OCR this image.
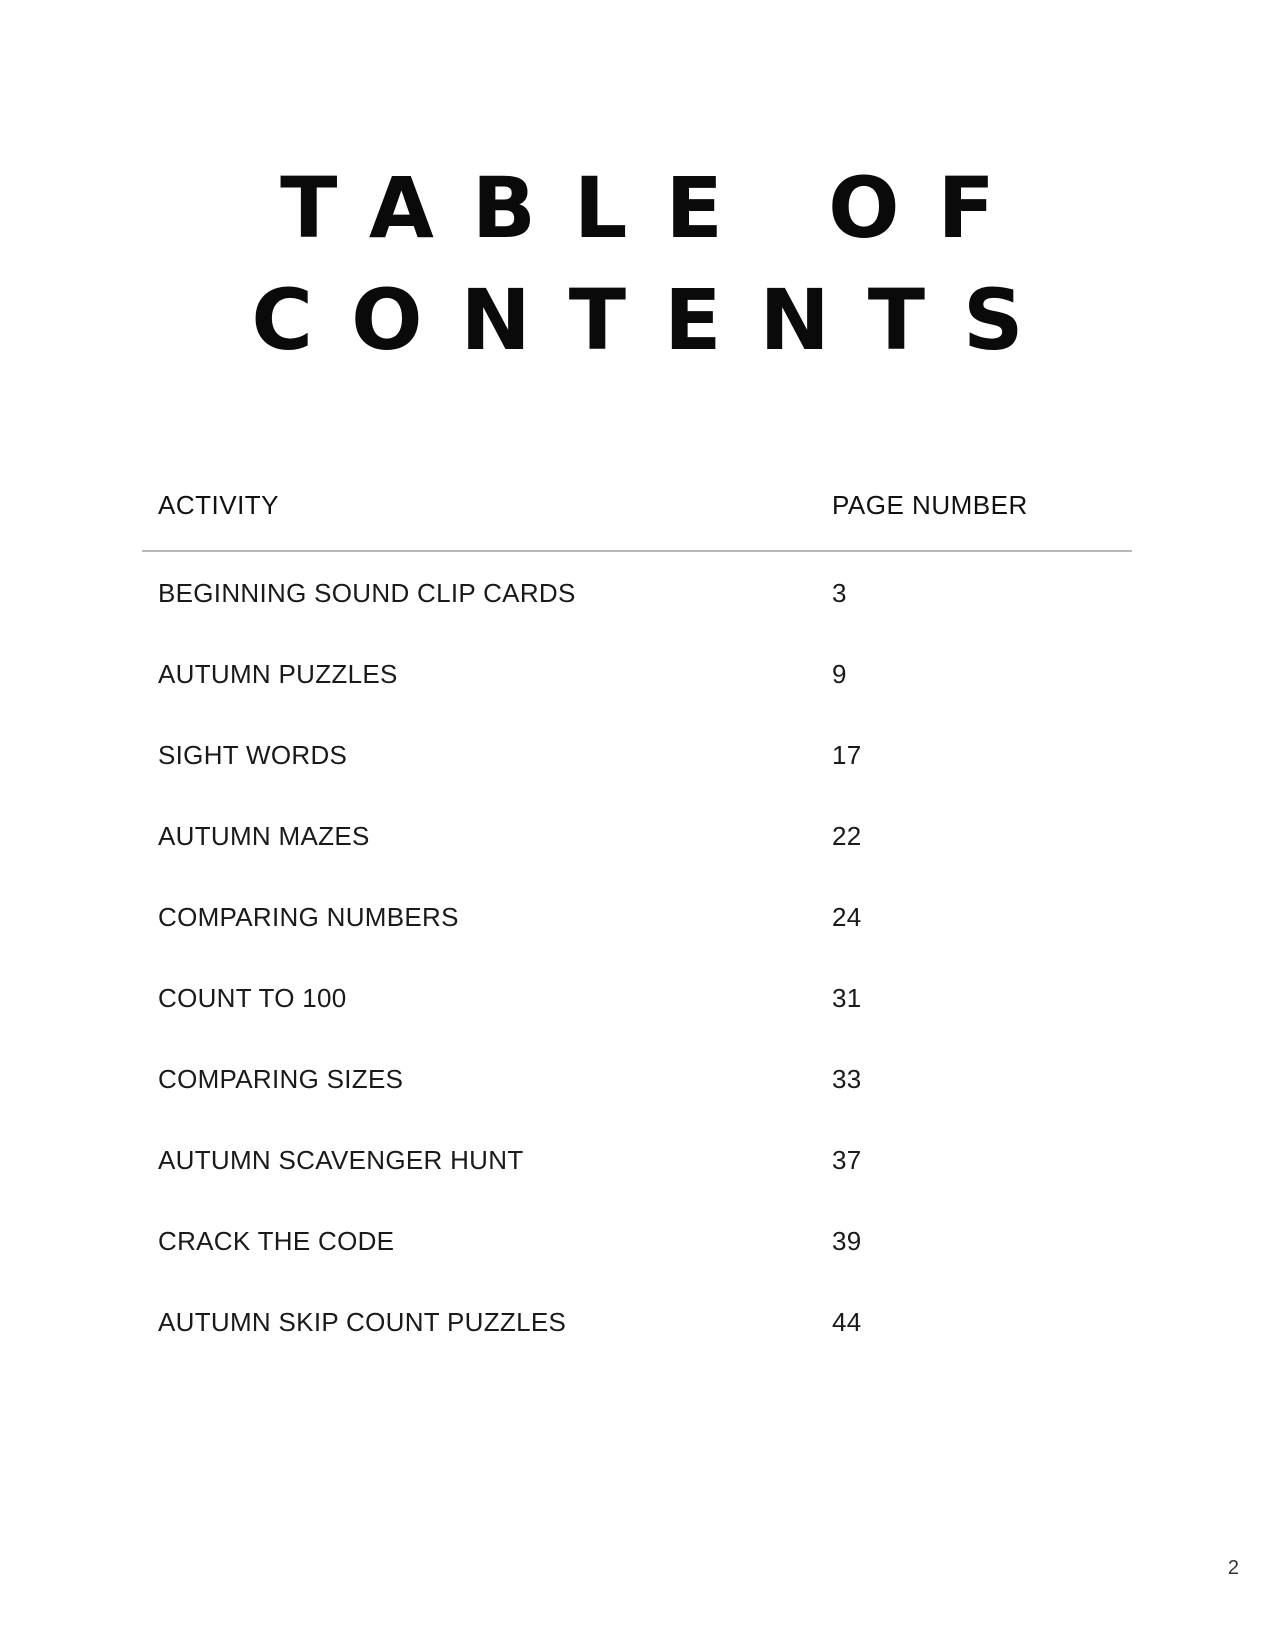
TABLE OF
CONTENTS
ACTIVITY	PAGE NUMBER
BEGINNING SOUND CLIP CARDS	3
AUTUMN PUZZLES	9
SIGHT WORDS	17
AUTUMN MAZES	22
COMPARING NUMBERS	24
COUNT TO 100	31
COMPARING SIZES	33
AUTUMN SCAVENGER HUNT	37
CRACK THE CODE	39
AUTUMN SKIP COUNT PUZZLES	44
2
